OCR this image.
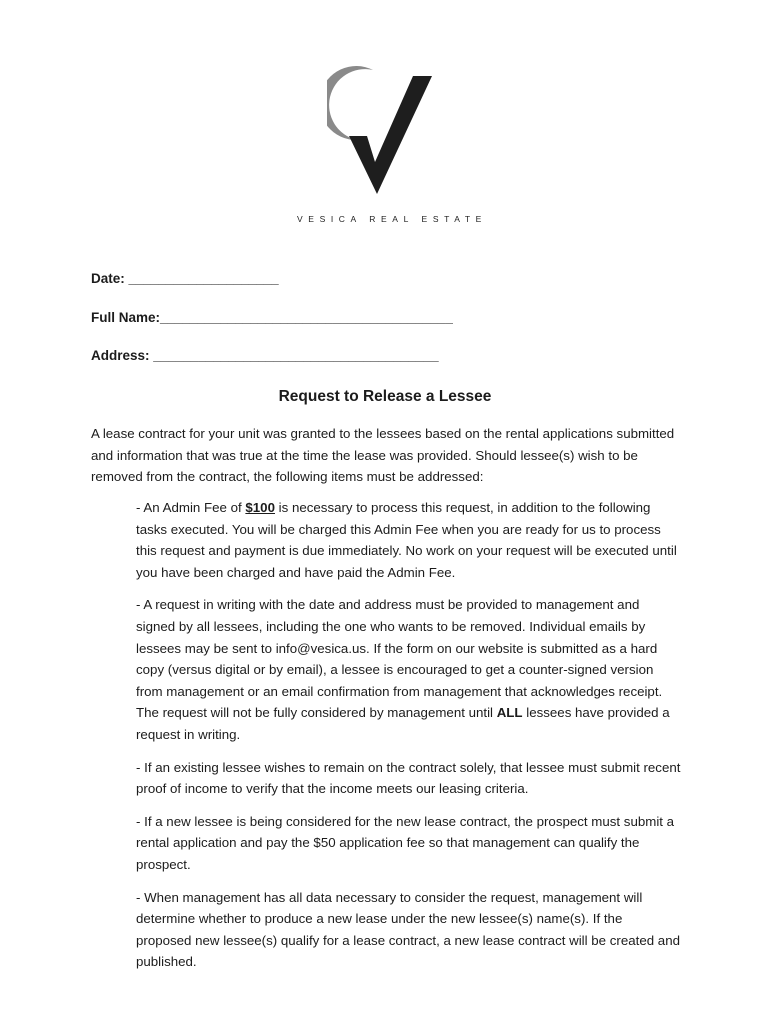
VESICA REAL ESTATE
Date: ____________________
Full Name:_______________________________________
Address: ______________________________________
Request to Release a Lessee

A lease contract for your unit was granted to the lessees based on the rental applications submitted and information that was true at the time the lease was provided. Should lessee(s) wish to be removed from the contract, the following items must be addressed:

- An Admin Fee of $100 is necessary to process this request, in addition to the following tasks executed. You will be charged this Admin Fee when you are ready for us to process this request and payment is due immediately. No work on your request will be executed until you have been charged and have paid the Admin Fee.

- A request in writing with the date and address must be provided to management and signed by all lessees, including the one who wants to be removed. Individual emails by lessees may be sent to info@vesica.us. If the form on our website is submitted as a hard copy (versus digital or by email), a lessee is encouraged to get a counter-signed version from management or an email confirmation from management that acknowledges receipt. The request will not be fully considered by management until ALL lessees have provided a request in writing.

- If an existing lessee wishes to remain on the contract solely, that lessee must submit recent proof of income to verify that the income meets our leasing criteria.

- If a new lessee is being considered for the new lease contract, the prospect must submit a rental application and pay the $50 application fee so that management can qualify the prospect.

- When management has all data necessary to consider the request, management will determine whether to produce a new lease under the new lessee(s) name(s). If the proposed new lessee(s) qualify for a lease contract, a new lease contract will be created and published.
